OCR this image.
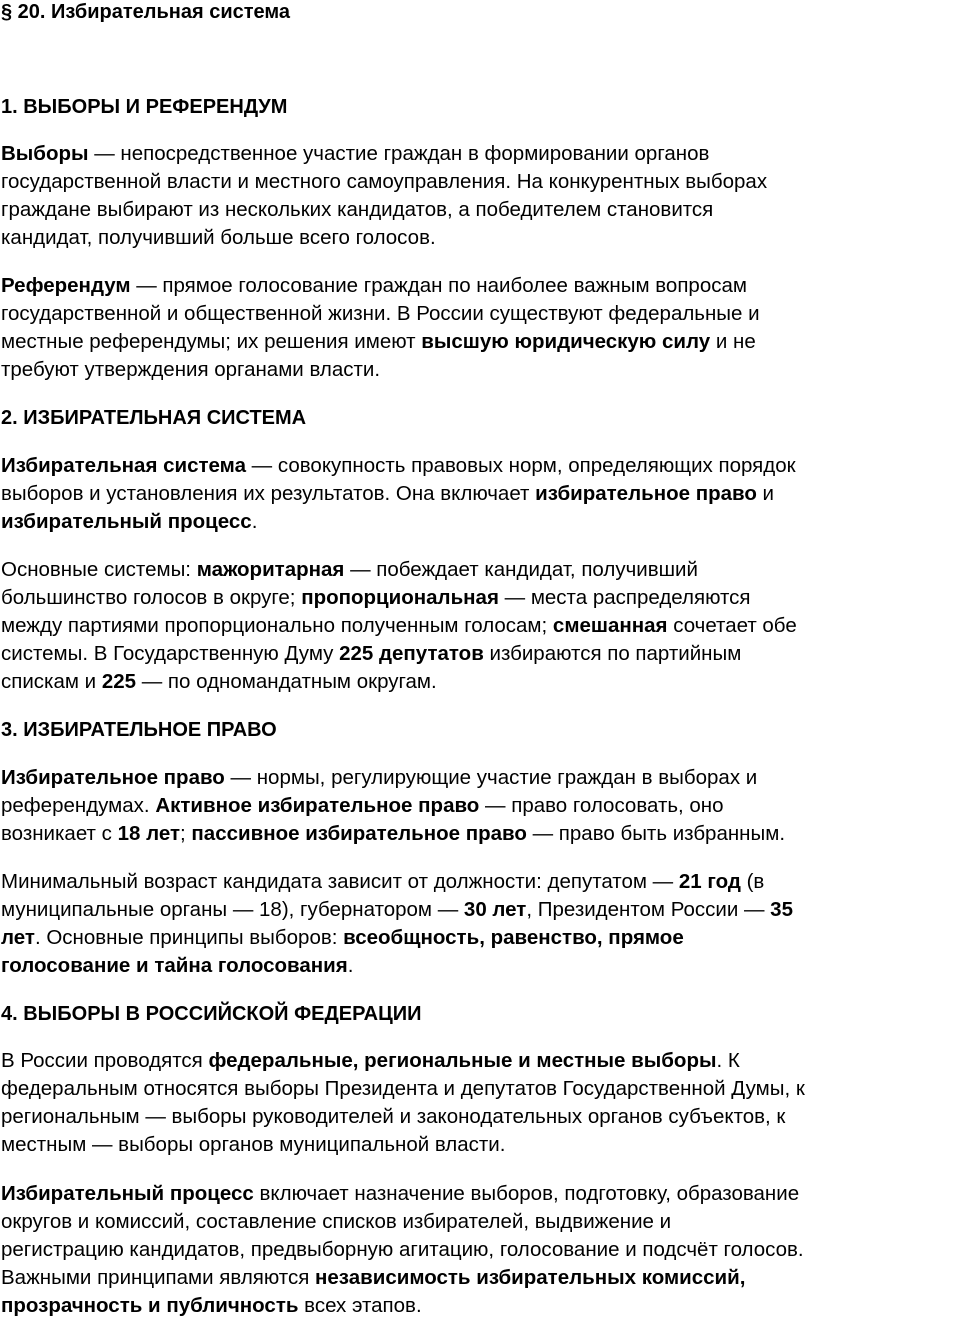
§ 20. Избирательная система
1. ВЫБОРЫ И РЕФЕРЕНДУМ
Выборы — непосредственное участие граждан в формировании органов
государственной власти и местного самоуправления. На конкурентных выборах
граждане выбирают из нескольких кандидатов, а победителем становится
кандидат, получивший больше всего голосов.
Референдум — прямое голосование граждан по наиболее важным вопросам
государственной и общественной жизни. В России существуют федеральные и
местные референдумы; их решения имеют высшую юридическую силу и не
требуют утверждения органами власти.
2. ИЗБИРАТЕЛЬНАЯ СИСТЕМА
Избирательная система — совокупность правовых норм, определяющих порядок
выборов и установления их результатов. Она включает избирательное право и
избирательный процесс.
Основные системы: мажоритарная — побеждает кандидат, получивший
большинство голосов в округе; пропорциональная — места распределяются
между партиями пропорционально полученным голосам; смешанная сочетает обе
системы. В Государственную Думу 225 депутатов избираются по партийным
спискам и 225 — по одномандатным округам.
3. ИЗБИРАТЕЛЬНОЕ ПРАВО
Избирательное право — нормы, регулирующие участие граждан в выборах и
референдумах. Активное избирательное право — право голосовать, оно
возникает с 18 лет; пассивное избирательное право — право быть избранным.
Минимальный возраст кандидата зависит от должности: депутатом — 21 год (в
муниципальные органы — 18), губернатором — 30 лет, Президентом России — 35
лет. Основные принципы выборов: всеобщность, равенство, прямое
голосование и тайна голосования.
4. ВЫБОРЫ В РОССИЙСКОЙ ФЕДЕРАЦИИ
В России проводятся федеральные, региональные и местные выборы. К
федеральным относятся выборы Президента и депутатов Государственной Думы, к
региональным — выборы руководителей и законодательных органов субъектов, к
местным — выборы органов муниципальной власти.
Избирательный процесс включает назначение выборов, подготовку, образование
округов и комиссий, составление списков избирателей, выдвижение и
регистрацию кандидатов, предвыборную агитацию, голосование и подсчёт голосов.
Важными принципами являются независимость избирательных комиссий,
прозрачность и публичность всех этапов.
